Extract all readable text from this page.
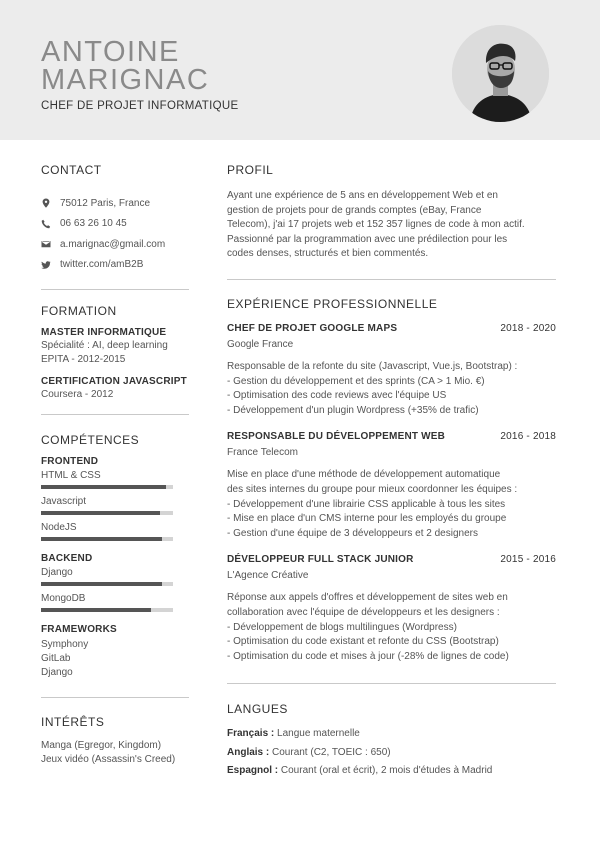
ANTOINE
MARIGNAC
CHEF DE PROJET INFORMATIQUE
CONTACT
75012 Paris, France
06 63 26 10 45
a.marignac@gmail.com
twitter.com/amB2B
FORMATION
MASTER INFORMATIQUE
Spécialité : AI, deep learning
EPITA - 2012-2015
CERTIFICATION JAVASCRIPT
Coursera - 2012
COMPÉTENCES
FRONTEND
HTML & CSS
Javascript
NodeJS
BACKEND
Django
MongoDB
FRAMEWORKS
Symphony
GitLab
Django
INTÉRÊTS
Manga (Egregor, Kingdom)
Jeux vidéo (Assassin's Creed)
PROFIL
Ayant une expérience de 5 ans en développement Web et en
gestion de projets pour de grands comptes (eBay, France
Telecom), j'ai 17 projets web et 152 357 lignes de code à mon actif.
Passionné par la programmation avec une prédilection pour les
codes denses, structurés et bien commentés.
EXPÉRIENCE PROFESSIONNELLE
CHEF DE PROJET GOOGLE MAPS	2018 - 2020
Google France
Responsable de la refonte du site (Javascript, Vue.js, Bootstrap) :
- Gestion du développement et des sprints (CA > 1 Mio. €)
- Optimisation des code reviews avec l'équipe US
- Développement d'un plugin Wordpress (+35% de trafic)
RESPONSABLE DU DÉVELOPPEMENT WEB	2016 - 2018
France Telecom
Mise en place d'une méthode de développement automatique
des sites internes du groupe pour mieux coordonner les équipes :
- Développement d'une librairie CSS applicable à tous les sites
- Mise en place d'un CMS interne pour les employés du groupe
- Gestion d'une équipe de 3 développeurs et 2 designers
DÉVELOPPEUR FULL STACK JUNIOR	2015 - 2016
L'Agence Créative
Réponse aux appels d'offres et développement de sites web en
collaboration avec l'équipe de développeurs et les designers :
- Développement de blogs multilingues (Wordpress)
- Optimisation du code existant et refonte du CSS (Bootstrap)
- Optimisation du code et mises à jour (-28% de lignes de code)
LANGUES
Français : Langue maternelle
Anglais : Courant (C2, TOEIC : 650)
Espagnol : Courant (oral et écrit), 2 mois d'études à Madrid
